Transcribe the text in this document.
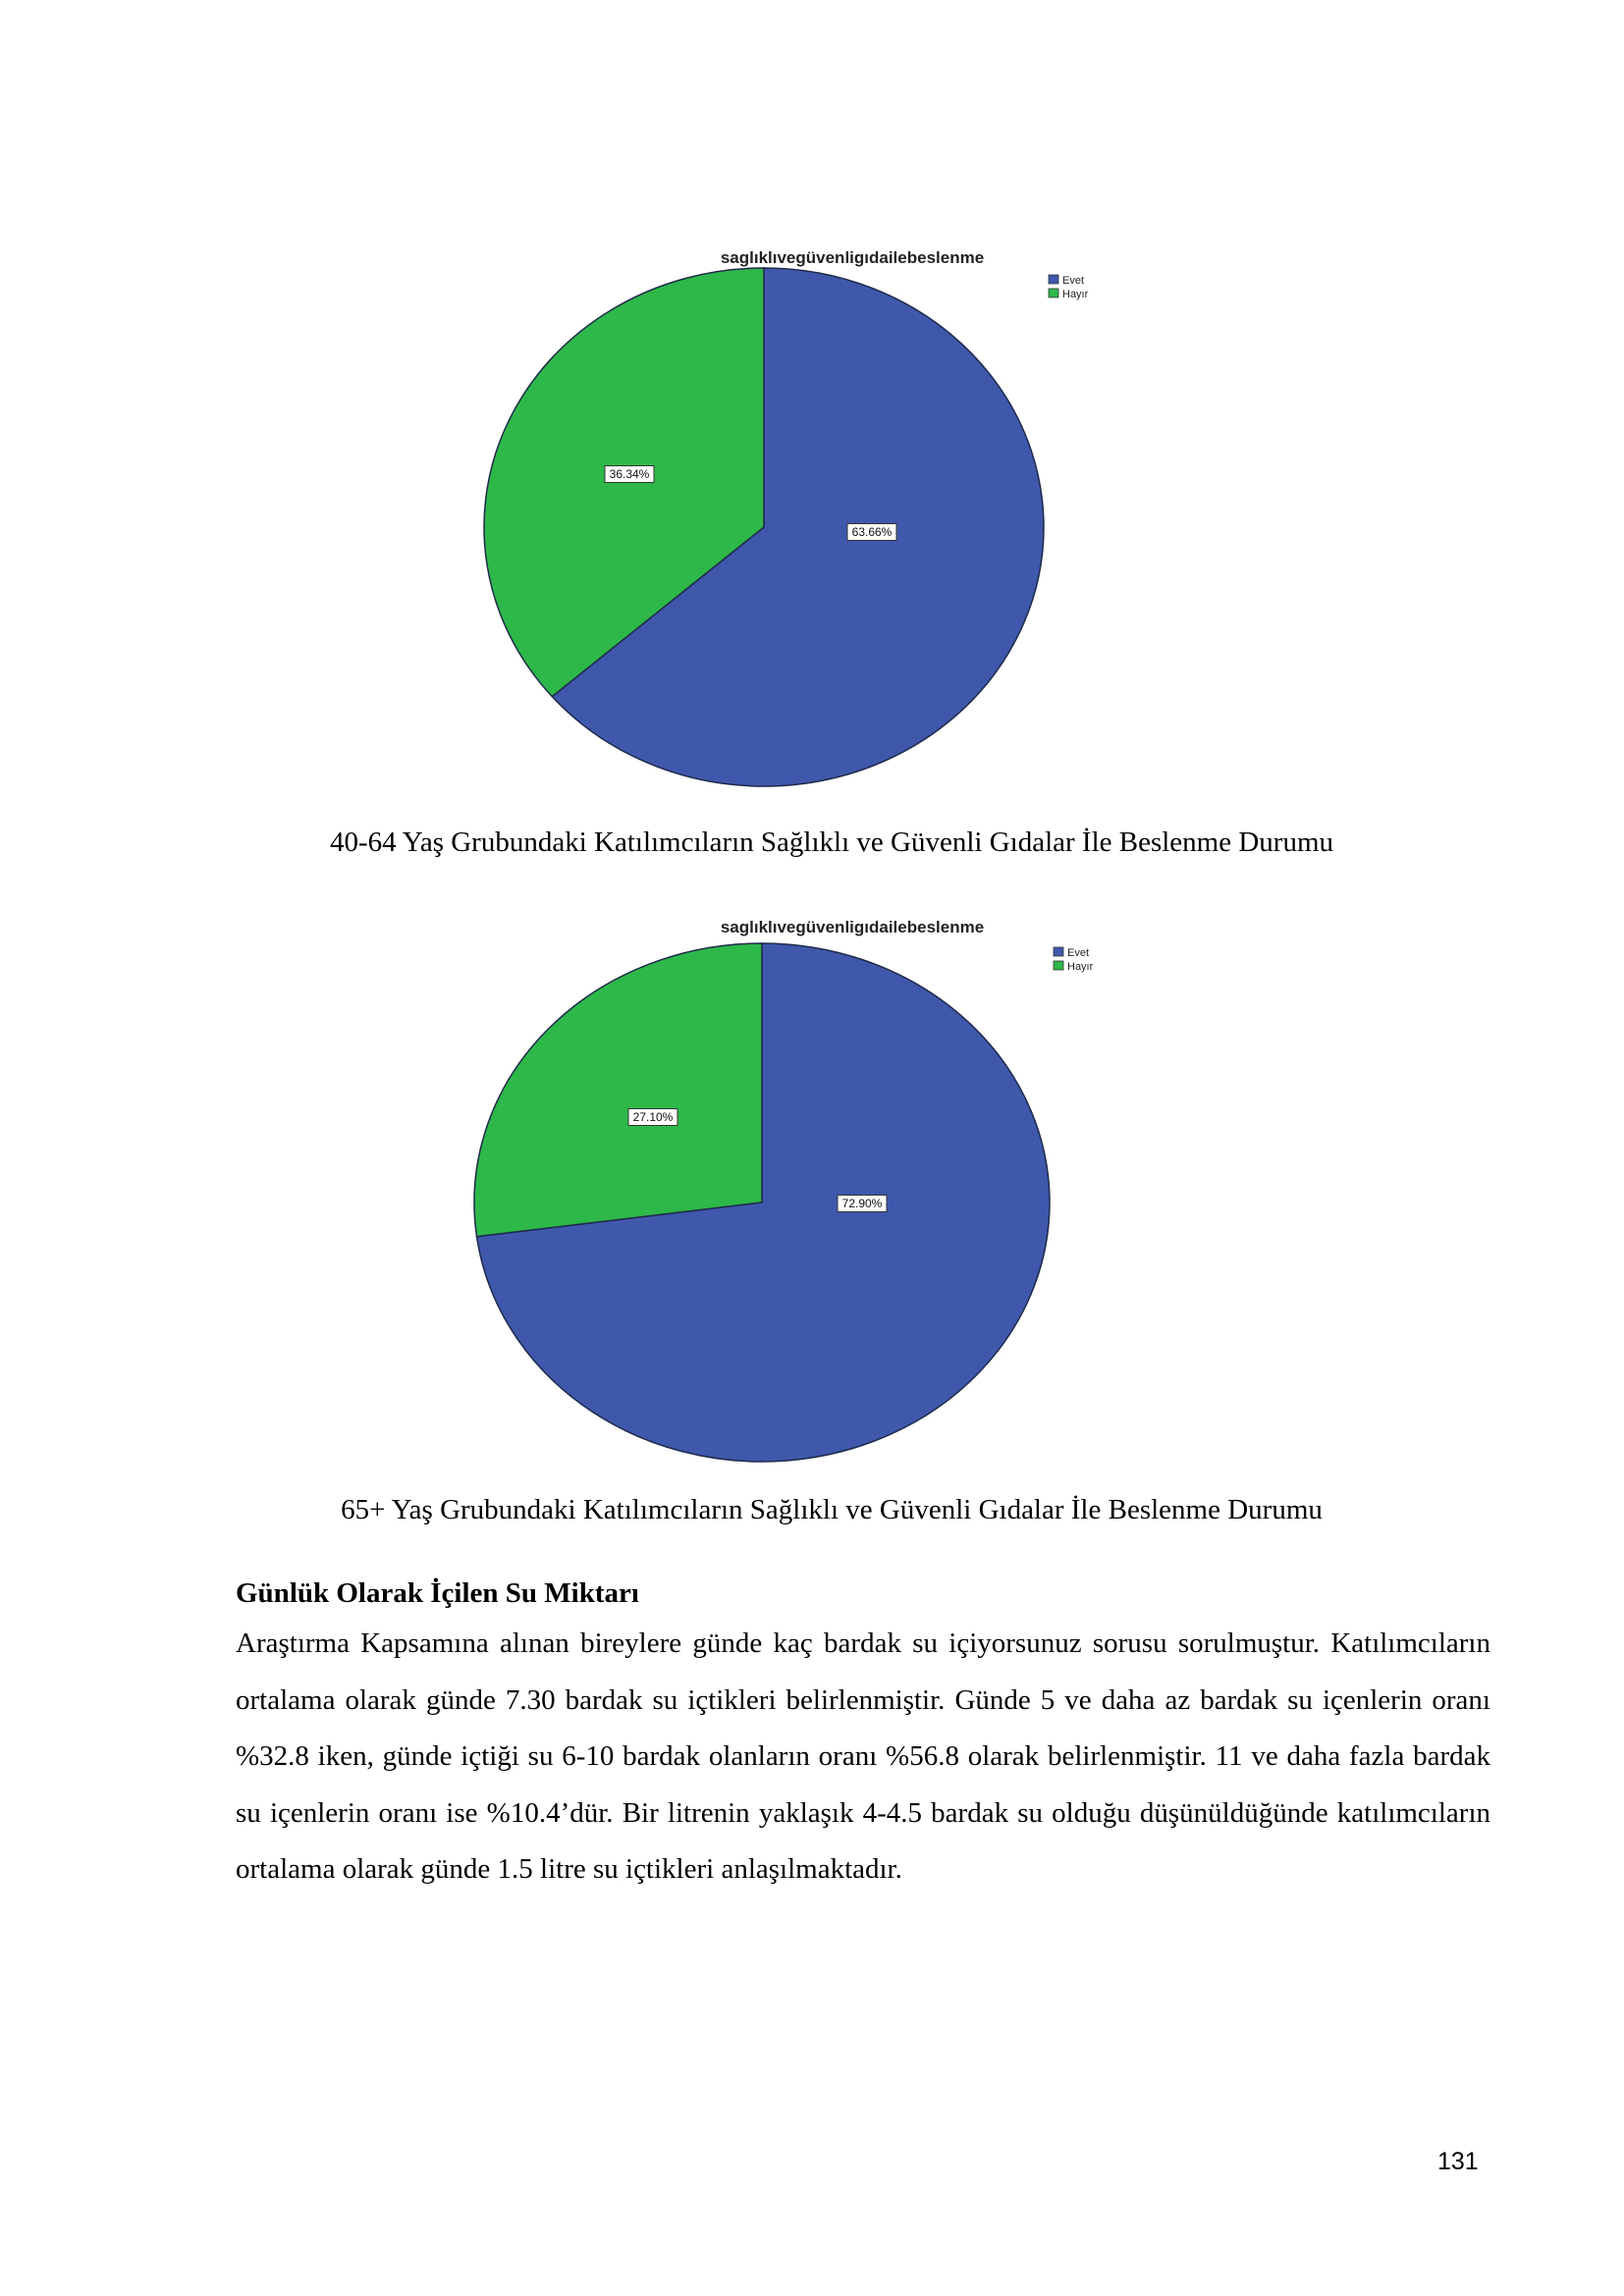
63.66%
36.34%
saglıklıvegüvenligıdailebeslenme
Evet
Hayır
40-64 Yaş Grubundaki Katılımcıların Sağlıklı ve Güvenli Gıdalar İle Beslenme Durumu
72.90%
27.10%
saglıklıvegüvenligıdailebeslenme
Evet
Hayır
65+ Yaş Grubundaki Katılımcıların Sağlıklı ve Güvenli Gıdalar İle Beslenme Durumu
Günlük Olarak İçilen Su Miktarı
Araştırma Kapsamına alınan bireylere günde kaç bardak su içiyorsunuz sorusu sorulmuştur. Katılımcıların ortalama olarak günde 7.30 bardak su içtikleri belirlenmiştir. Günde 5 ve daha az bardak su içenlerin oranı %32.8 iken, günde içtiği su 6-10 bardak olanların oranı %56.8 olarak belirlenmiştir. 11 ve daha fazla bardak su içenlerin oranı ise %10.4’dür. Bir litrenin yaklaşık 4-4.5 bardak su olduğu düşünüldüğünde katılımcıların ortalama olarak günde 1.5 litre su içtikleri anlaşılmaktadır.
131
